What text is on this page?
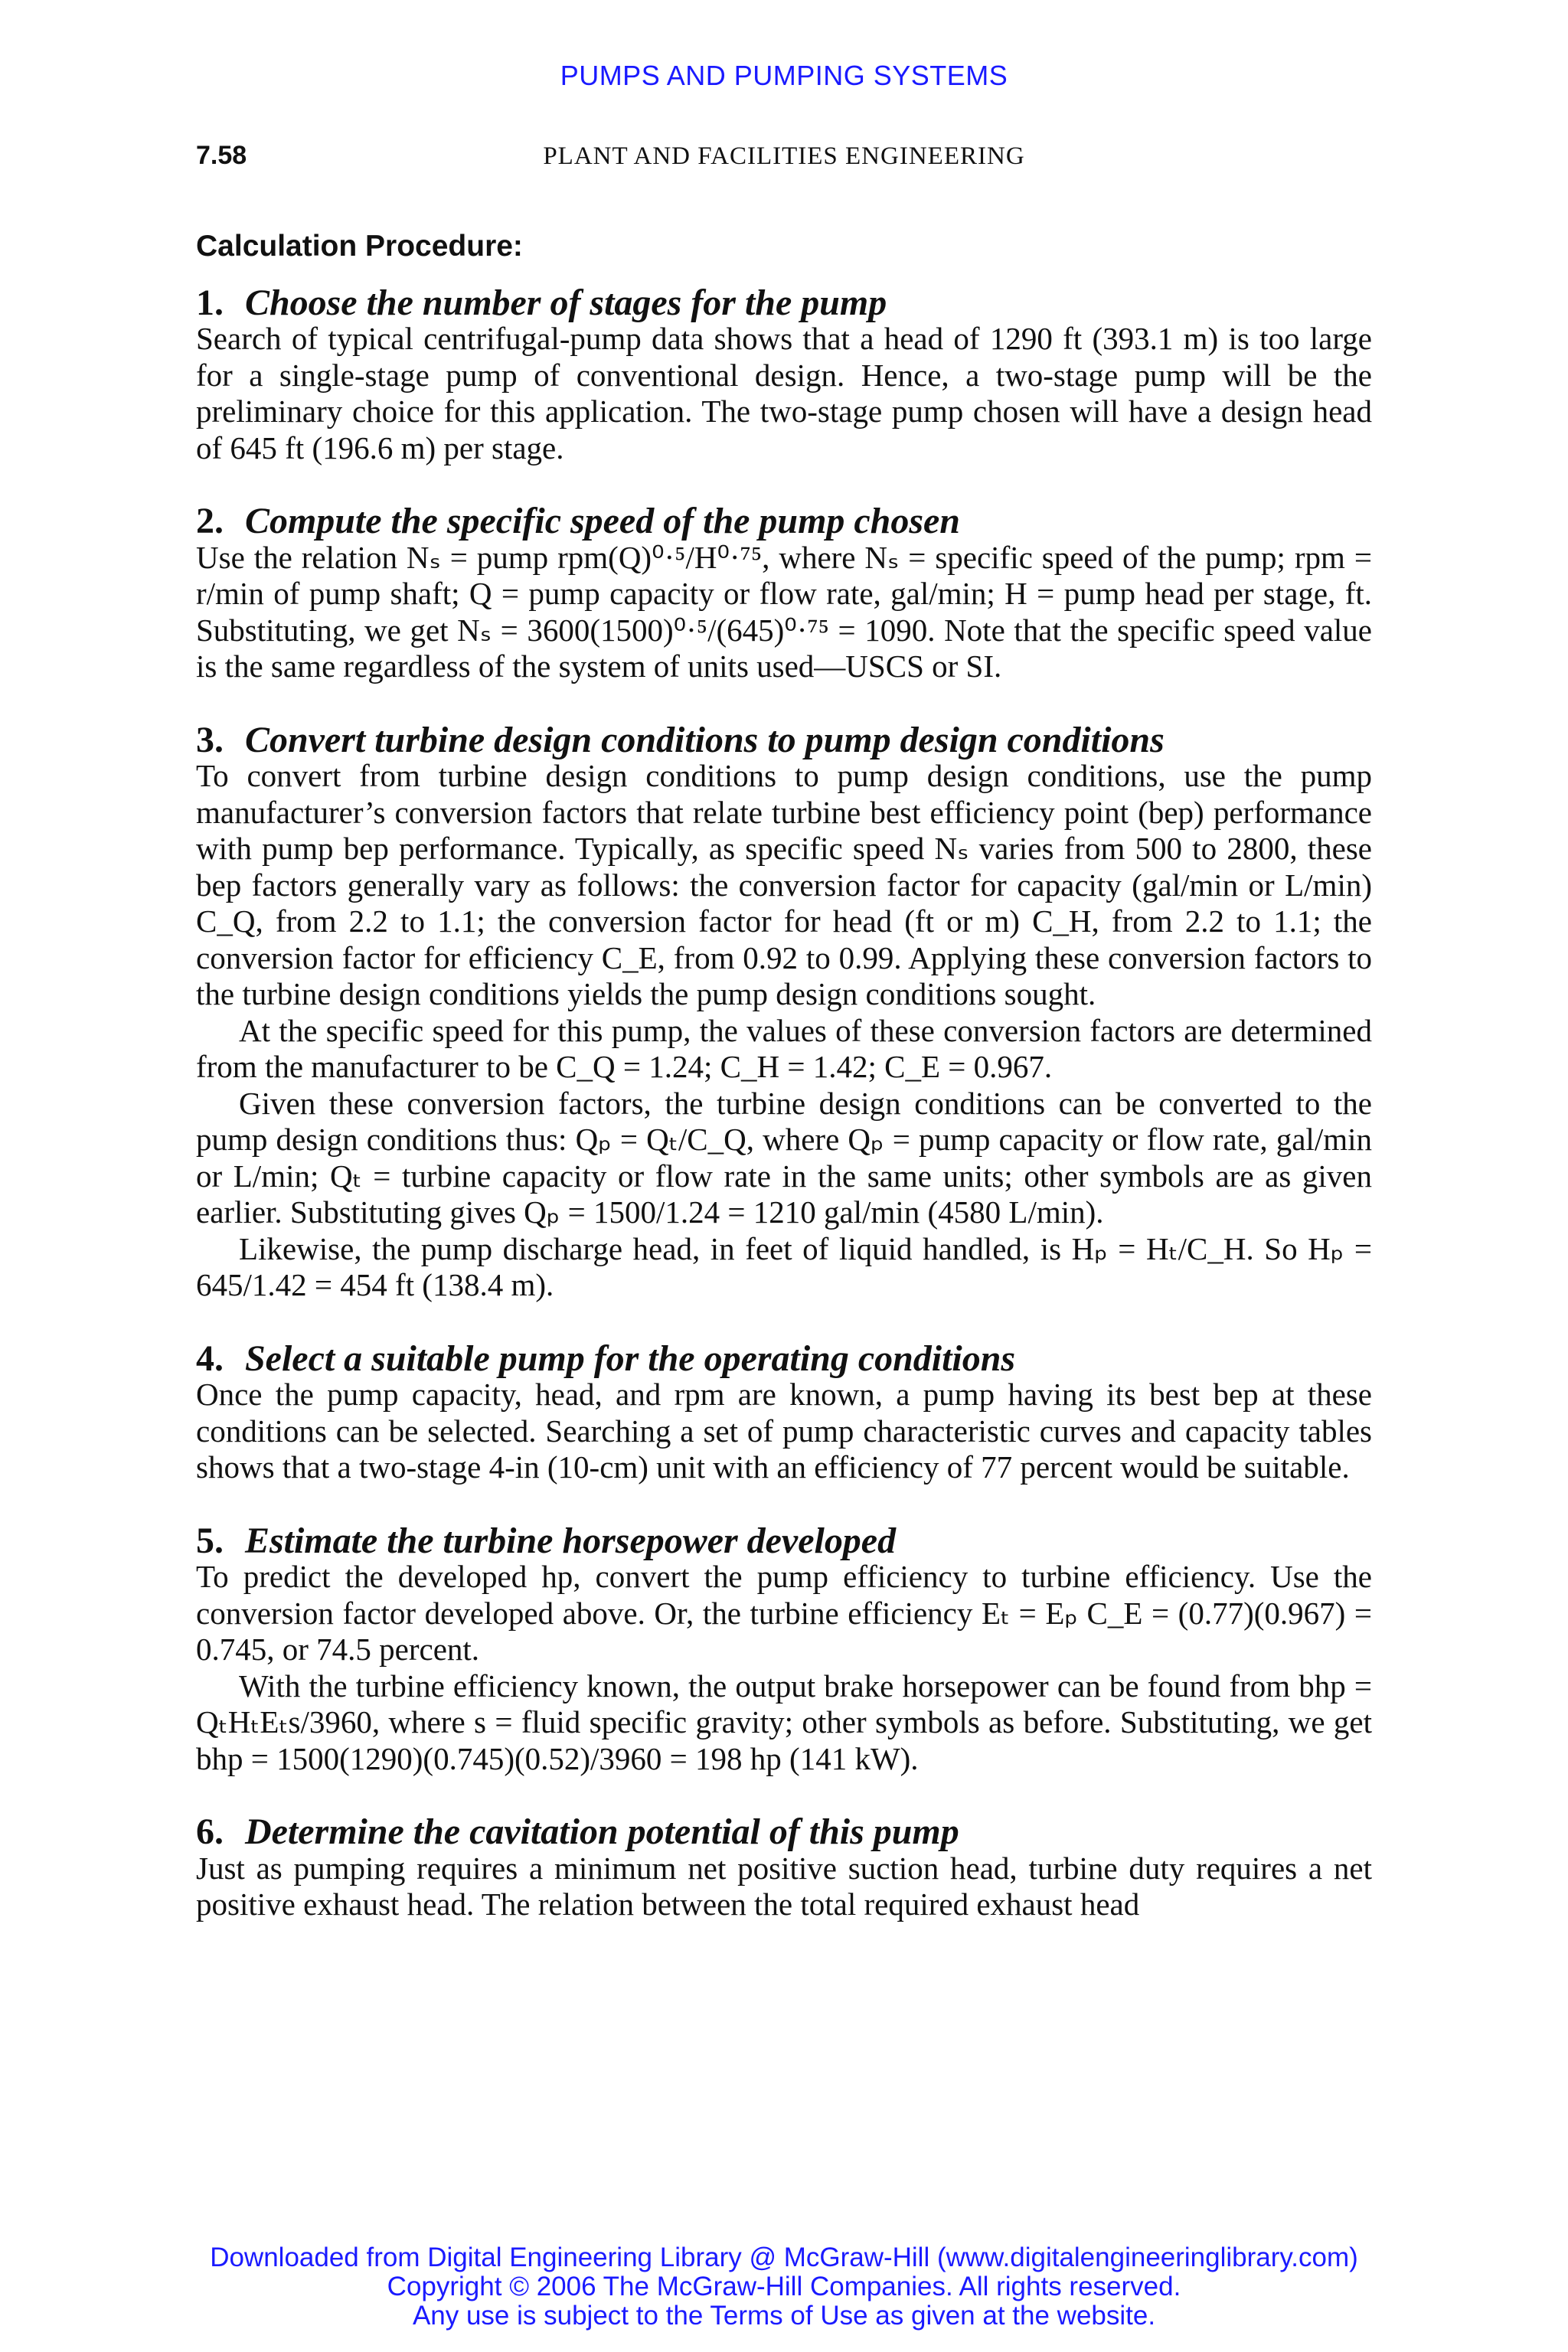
PUMPS AND PUMPING SYSTEMS
7.58	PLANT AND FACILITIES ENGINEERING
Calculation Procedure:
1. Choose the number of stages for the pump

Search of typical centrifugal-pump data shows that a head of 1290 ft (393.1 m) is too large for a single-stage pump of conventional design. Hence, a two-stage pump will be the preliminary choice for this application. The two-stage pump chosen will have a design head of 645 ft (196.6 m) per stage.

2. Compute the specific speed of the pump chosen

Use the relation Nₛ = pump rpm(Q)⁰·⁵/H⁰·⁷⁵, where Nₛ = specific speed of the pump; rpm = r/min of pump shaft; Q = pump capacity or flow rate, gal/min; H = pump head per stage, ft. Substituting, we get Nₛ = 3600(1500)⁰·⁵/(645)⁰·⁷⁵ = 1090. Note that the specific speed value is the same regardless of the system of units used—USCS or SI.

3. Convert turbine design conditions to pump design conditions

To convert from turbine design conditions to pump design conditions, use the pump manufacturer’s conversion factors that relate turbine best efficiency point (bep) performance with pump bep performance. Typically, as specific speed Nₛ varies from 500 to 2800, these bep factors generally vary as follows: the conversion factor for capacity (gal/min or L/min) C_Q, from 2.2 to 1.1; the conversion factor for head (ft or m) C_H, from 2.2 to 1.1; the conversion factor for efficiency C_E, from 0.92 to 0.99. Applying these conversion factors to the turbine design conditions yields the pump design conditions sought.

At the specific speed for this pump, the values of these conversion factors are determined from the manufacturer to be C_Q = 1.24; C_H = 1.42; C_E = 0.967.

Given these conversion factors, the turbine design conditions can be converted to the pump design conditions thus: Qₚ = Qₜ/C_Q, where Qₚ = pump capacity or flow rate, gal/min or L/min; Qₜ = turbine capacity or flow rate in the same units; other symbols are as given earlier. Substituting gives Qₚ = 1500/1.24 = 1210 gal/min (4580 L/min).

Likewise, the pump discharge head, in feet of liquid handled, is Hₚ = Hₜ/C_H. So Hₚ = 645/1.42 = 454 ft (138.4 m).

4. Select a suitable pump for the operating conditions

Once the pump capacity, head, and rpm are known, a pump having its best bep at these conditions can be selected. Searching a set of pump characteristic curves and capacity tables shows that a two-stage 4-in (10-cm) unit with an efficiency of 77 percent would be suitable.

5. Estimate the turbine horsepower developed

To predict the developed hp, convert the pump efficiency to turbine efficiency. Use the conversion factor developed above. Or, the turbine efficiency Eₜ = Eₚ C_E = (0.77)(0.967) = 0.745, or 74.5 percent.

With the turbine efficiency known, the output brake horsepower can be found from bhp = QₜHₜEₜs/3960, where s = fluid specific gravity; other symbols as before. Substituting, we get bhp = 1500(1290)(0.745)(0.52)/3960 = 198 hp (141 kW).

6. Determine the cavitation potential of this pump

Just as pumping requires a minimum net positive suction head, turbine duty requires a net positive exhaust head. The relation between the total required exhaust head

Downloaded from Digital Engineering Library @ McGraw-Hill (www.digitalengineeringlibrary.com)
Copyright © 2006 The McGraw-Hill Companies. All rights reserved.
Any use is subject to the Terms of Use as given at the website.
